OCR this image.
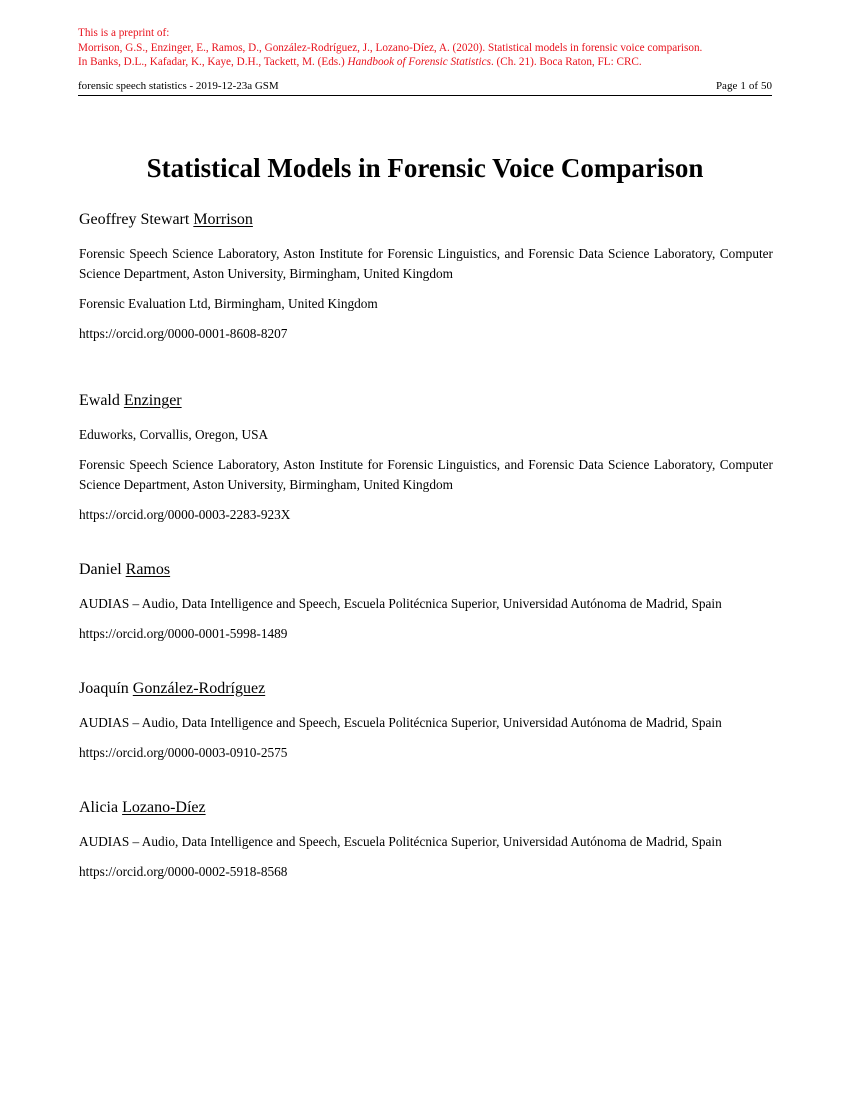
This is a preprint of:
Morrison, G.S., Enzinger, E., Ramos, D., González-Rodríguez, J., Lozano-Díez, A. (2020). Statistical models in forensic voice comparison.
In Banks, D.L., Kafadar, K., Kaye, D.H., Tackett, M. (Eds.) Handbook of Forensic Statistics. (Ch. 21). Boca Raton, FL: CRC.
forensic speech statistics - 2019-12-23a GSM	Page 1 of 50
Statistical Models in Forensic Voice Comparison

Geoffrey Stewart Morrison

Forensic Speech Science Laboratory, Aston Institute for Forensic Linguistics, and Forensic Data Science Laboratory, Computer Science Department, Aston University, Birmingham, United Kingdom

Forensic Evaluation Ltd, Birmingham, United Kingdom

https://orcid.org/0000-0001-8608-8207

Ewald Enzinger

Eduworks, Corvallis, Oregon, USA

Forensic Speech Science Laboratory, Aston Institute for Forensic Linguistics, and Forensic Data Science Laboratory, Computer Science Department, Aston University, Birmingham, United Kingdom

https://orcid.org/0000-0003-2283-923X

Daniel Ramos

AUDIAS – Audio, Data Intelligence and Speech, Escuela Politécnica Superior, Universidad Autónoma de Madrid, Spain

https://orcid.org/0000-0001-5998-1489

Joaquín González-Rodríguez

AUDIAS – Audio, Data Intelligence and Speech, Escuela Politécnica Superior, Universidad Autónoma de Madrid, Spain

https://orcid.org/0000-0003-0910-2575

Alicia Lozano-Díez

AUDIAS – Audio, Data Intelligence and Speech, Escuela Politécnica Superior, Universidad Autónoma de Madrid, Spain

https://orcid.org/0000-0002-5918-8568
